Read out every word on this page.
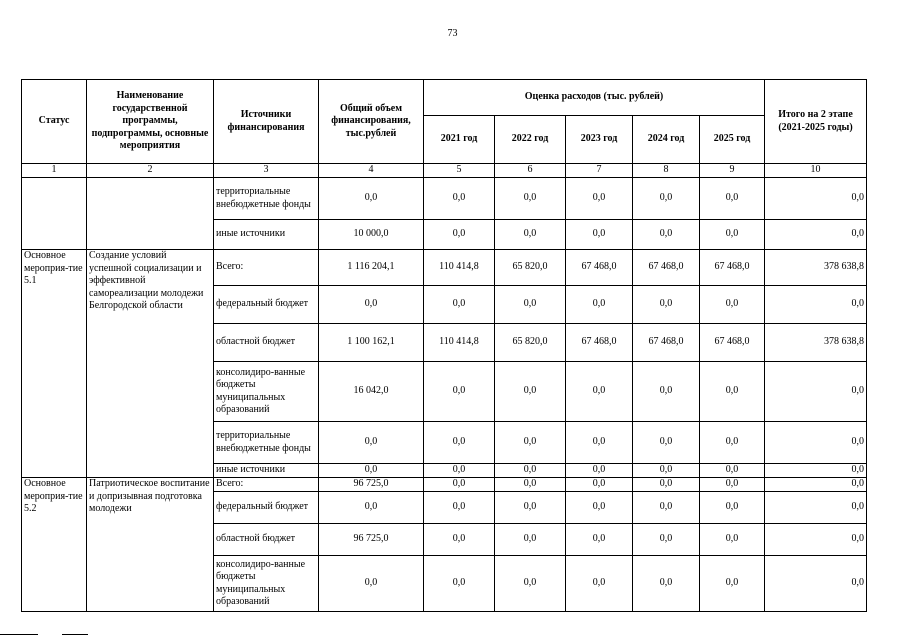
73
Статус	Наименование государственной программы, подпрограммы, основные мероприятия	Источники финансирования	Общий объем финансирования, тыс.рублей	Оценка расходов (тыс. рублей)					Итого на 2 этапе (2021-2025 годы)
				2021 год	2022 год	2023 год	2024 год	2025 год	
1	2	3	4	5	6	7	8	9	10
		территориальные внебюджетные фонды	0,0	0,0	0,0	0,0	0,0	0,0	0,0
		иные источники	10 000,0	0,0	0,0	0,0	0,0	0,0	0,0
Основное мероприя-тие 5.1	Создание условий успешной социализации и эффективной самореализации молодежи Белгородской области	Всего:	1 116 204,1	110 414,8	65 820,0	67 468,0	67 468,0	67 468,0	378 638,8
		федеральный бюджет	0,0	0,0	0,0	0,0	0,0	0,0	0,0
		областной бюджет	1 100 162,1	110 414,8	65 820,0	67 468,0	67 468,0	67 468,0	378 638,8
		консолидиро-ванные бюджеты муниципальных образований	16 042,0	0,0	0,0	0,0	0,0	0,0	0,0
		территориальные внебюджетные фонды	0,0	0,0	0,0	0,0	0,0	0,0	0,0
		иные источники	0,0	0,0	0,0	0,0	0,0	0,0	0,0
Основное мероприя-тие 5.2	Патриотическое воспитание и допризывная подготовка молодежи	Всего:	96 725,0	0,0	0,0	0,0	0,0	0,0	0,0
		федеральный бюджет	0,0	0,0	0,0	0,0	0,0	0,0	0,0
		областной бюджет	96 725,0	0,0	0,0	0,0	0,0	0,0	0,0
		консолидиро-ванные бюджеты муниципальных образований	0,0	0,0	0,0	0,0	0,0	0,0	0,0
